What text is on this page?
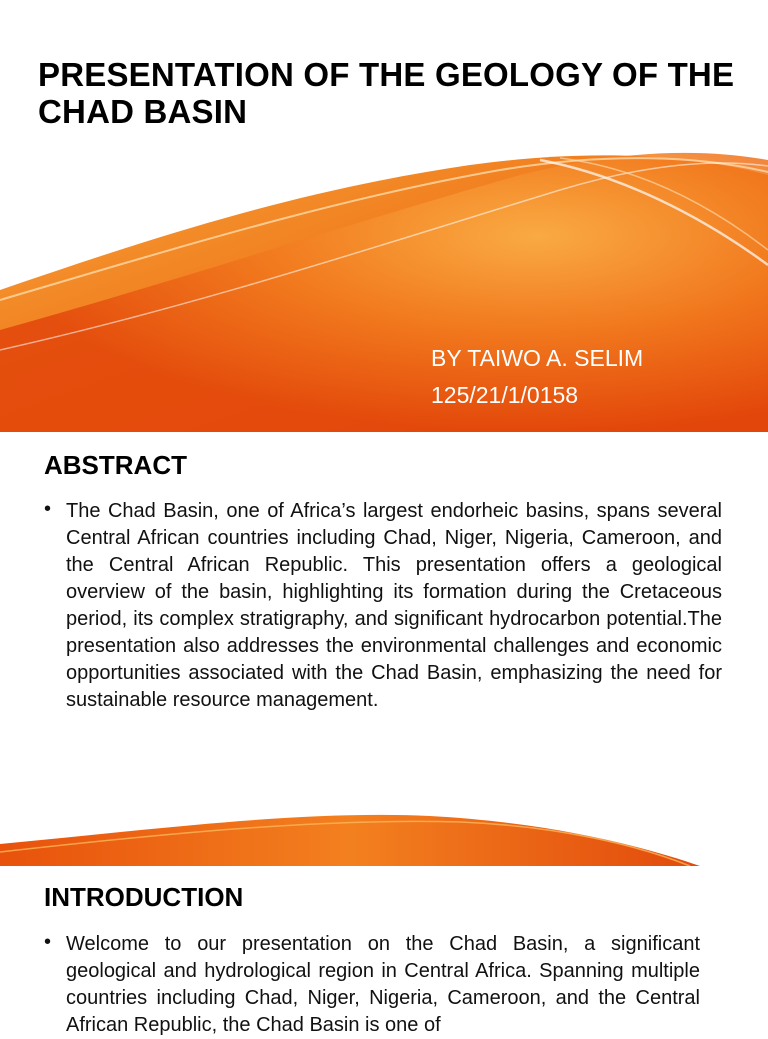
PRESENTATION OF THE GEOLOGY OF THE CHAD BASIN
BY TAIWO A. SELIM
125/21/1/0158
ABSTRACT
• The Chad Basin, one of Africa’s largest endorheic basins, spans several Central African countries including Chad, Niger, Nigeria, Cameroon, and the Central African Republic. This presentation offers a geological overview of the basin, highlighting its formation during the Cretaceous period, its complex stratigraphy, and significant hydrocarbon potential.The presentation also addresses the environmental challenges and economic opportunities associated with the Chad Basin, emphasizing the need for sustainable resource management.
INTRODUCTION
• Welcome to our presentation on the Chad Basin, a significant geological and hydrological region in Central Africa. Spanning multiple countries including Chad, Niger, Nigeria, Cameroon, and the Central African Republic, the Chad Basin is one of
